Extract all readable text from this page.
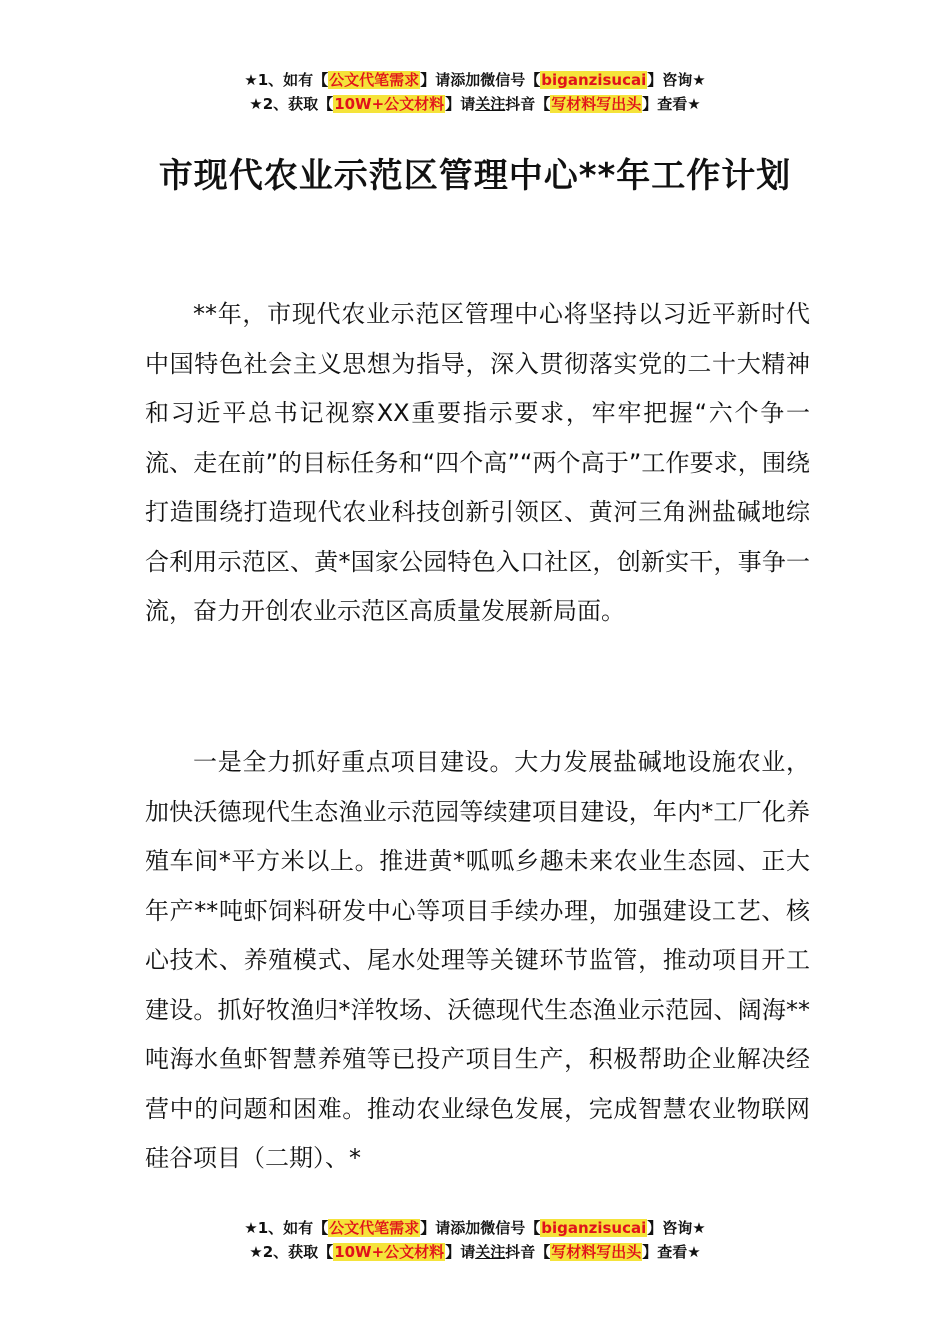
★1、如有【公文代笔需求】请添加微信号【biganzisucai】咨询★
★2、获取【10W+公文材料】请关注抖音【写材料写出头】查看★
市现代农业示范区管理中心**年工作计划

**年，市现代农业示范区管理中心将坚持以习近平新时代中国特色社会主义思想为指导，深入贯彻落实党的二十大精神和习近平总书记视察XX重要指示要求，牢牢把握“六个争一流、走在前”的目标任务和“四个高”“两个高于”工作要求，围绕打造围绕打造现代农业科技创新引领区、黄河三角洲盐碱地综合利用示范区、黄*国家公园特色入口社区，创新实干，事争一流，奋力开创农业示范区高质量发展新局面。

一是全力抓好重点项目建设。大力发展盐碱地设施农业，加快沃德现代生态渔业示范园等续建项目建设，年内*工厂化养殖车间*平方米以上。推进黄*呱呱乡趣未来农业生态园、正大年产**吨虾饲料研发中心等项目手续办理，加强建设工艺、核心技术、养殖模式、尾水处理等关键环节监管，推动项目开工建设。抓好牧渔归*洋牧场、沃德现代生态渔业示范园、阔海**吨海水鱼虾智慧养殖等已投产项目生产，积极帮助企业解决经营中的问题和困难。推动农业绿色发展，完成智慧农业物联网硅谷项目（二期）、*

★1、如有【公文代笔需求】请添加微信号【biganzisucai】咨询★
★2、获取【10W+公文材料】请关注抖音【写材料写出头】查看★
